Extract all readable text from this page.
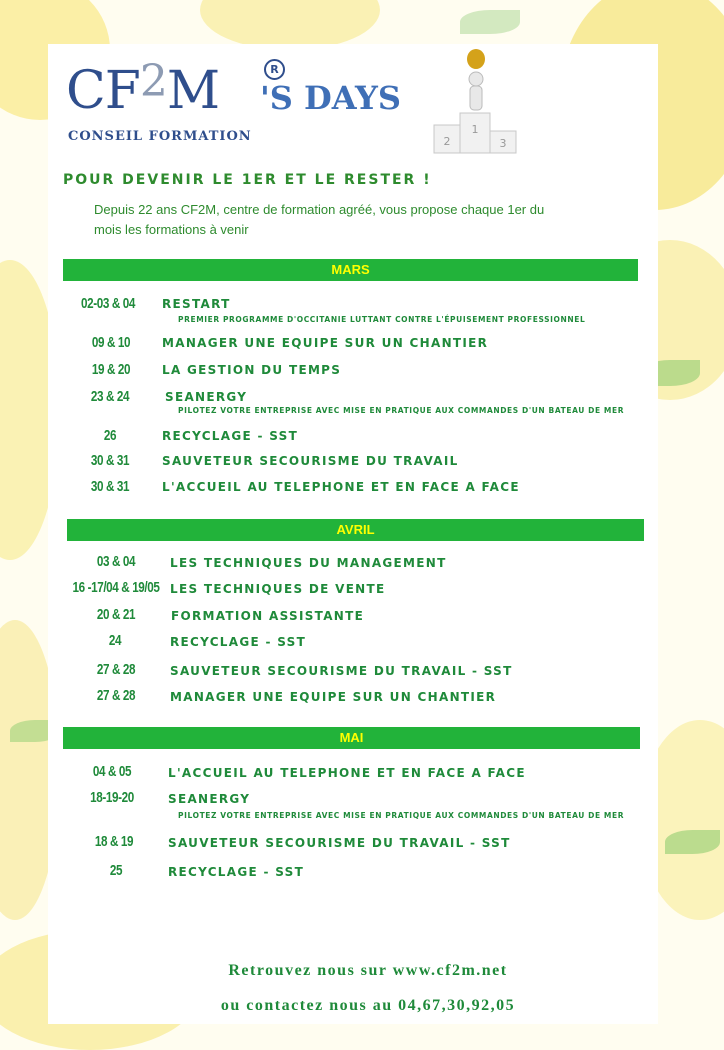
$CF^2M$	R
'S DAYS
CONSEIL FORMATION	2
1
3
POUR DEVENIR LE 1ER ET LE RESTER !
Depuis 22 ans CF2M, centre de formation agréé, vous propose chaque 1er du mois les formations à venir
MARS
02-03 & 04	RESTART
PREMIER PROGRAMME D'OCCITANIE LUTTANT CONTRE L'ÉPUISEMENT PROFESSIONNEL
09 & 10	MANAGER UNE EQUIPE SUR UN CHANTIER
19 & 20	LA GESTION DU TEMPS
23 & 24	SEANERGY
PILOTEZ VOTRE ENTREPRISE AVEC MISE EN PRATIQUE AUX COMMANDES D'UN BATEAU DE MER
26	RECYCLAGE - SST
30 & 31	SAUVETEUR SECOURISME DU TRAVAIL
30 & 31	L'ACCUEIL AU TELEPHONE ET EN FACE A FACE
AVRIL
03 & 04	LES TECHNIQUES DU MANAGEMENT
16 -17/04 & 19/05 LES TECHNIQUES DE VENTE
20 & 21	FORMATION ASSISTANTE
24	RECYCLAGE - SST
27 & 28	SAUVETEUR SECOURISME DU TRAVAIL - SST
27 & 28	MANAGER UNE EQUIPE SUR UN CHANTIER
MAI
04 & 05	L'ACCUEIL AU TELEPHONE ET EN FACE A FACE
18-19-20	SEANERGY
PILOTEZ VOTRE ENTREPRISE AVEC MISE EN PRATIQUE AUX COMMANDES D'UN BATEAU DE MER
18 & 19	SAUVETEUR SECOURISME DU TRAVAIL - SST
25	RECYCLAGE - SST
Retrouvez nous sur www.cf2m.net
ou contactez nous au 04,67,30,92,05
